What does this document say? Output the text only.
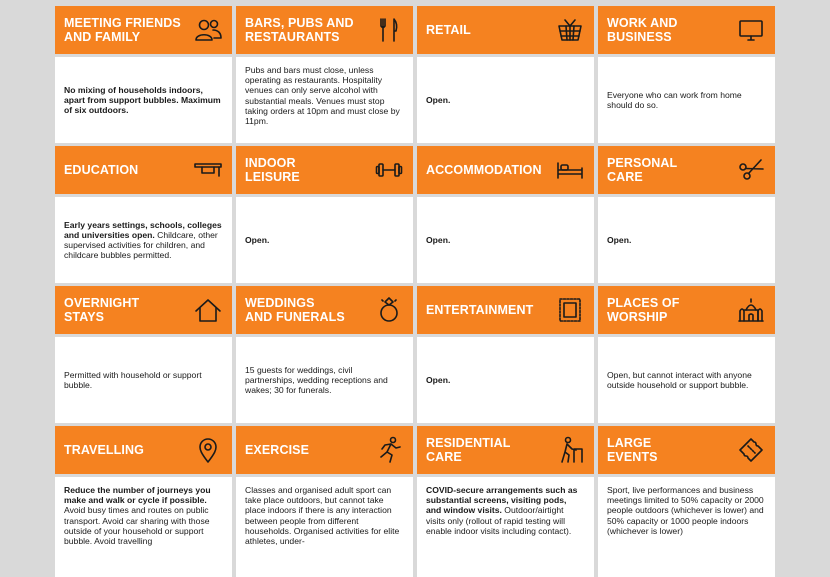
MEETING FRIENDS
AND FAMILY
BARS, PUBS AND
RESTAURANTS	RETAIL	WORK AND
BUSINESS
No mixing of households indoors, apart from support bubbles. Maximum of six outdoors.
Pubs and bars must close, unless operating as restaurants. Hospitality venues can only serve alcohol with substantial meals. Venues must stop taking orders at 10pm and must close by 11pm.
Open.
Everyone who can work from home should do so.
EDUCATION	INDOOR
LEISURE	ACCOMMODATION	PERSONAL
CARE
Early years settings, schools, colleges and universities open. Childcare, other supervised activities for children, and childcare bubbles permitted.
Open.	Open.	Open.
OVERNIGHT
STAYS
WEDDINGS
AND FUNERALS	ENTERTAINMENT	PLACES OF
WORSHIP
Permitted with household or support bubble.
15 guests for weddings, civil partnerships, wedding receptions and wakes; 30 for funerals.
Open.
Open, but cannot interact with anyone outside household or support bubble.
TRAVELLING	EXERCISE	RESIDENTIAL
CARE
LARGE
EVENTS
Reduce the number of journeys you make and walk or cycle if possible. Avoid busy times and routes on public transport. Avoid car sharing with those outside of your household or support bubble. Avoid travelling
Classes and organised adult sport can take place outdoors, but cannot take place indoors if there is any interaction between people from different households. Organised activities for elite athletes, under-
COVID-secure arrangements such as substantial screens, visiting pods, and window visits. Outdoor/airtight visits only (rollout of rapid testing will enable indoor visits including contact).
Sport, live performances and business meetings limited to 50% capacity or 2000 people outdoors (whichever is lower) and 50% capacity or 1000 people indoors (whichever is lower)
